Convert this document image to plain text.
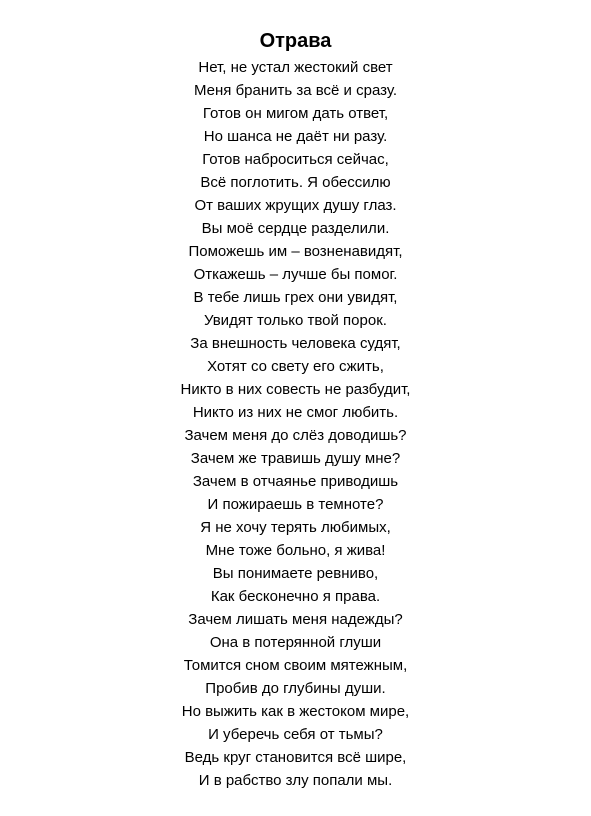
Отрава
Нет, не устал жестокий свет
Меня бранить за всё и сразу.
Готов он мигом дать ответ,
Но шанса не даёт ни разу.
Готов наброситься сейчас,
Всё поглотить. Я обессилю
От ваших жрущих душу глаз.
Вы моё сердце разделили.
Поможешь им – возненавидят,
Откажешь – лучше бы помог.
В тебе лишь грех они увидят,
Увидят только твой порок.
За внешность человека судят,
Хотят со свету его сжить,
Никто в них совесть не разбудит,
Никто из них не смог любить.
Зачем меня до слёз доводишь?
Зачем же травишь душу мне?
Зачем в отчаянье приводишь
И пожираешь в темноте?
Я не хочу терять любимых,
Мне тоже больно, я жива!
Вы понимаете ревниво,
Как бесконечно я права.
Зачем лишать меня надежды?
Она в потерянной глуши
Томится сном своим мятежным,
Пробив до глубины души.
Но выжить как в жестоком мире,
И уберечь себя от тьмы?
Ведь круг становится всё шире,
И в рабство злу попали мы.
